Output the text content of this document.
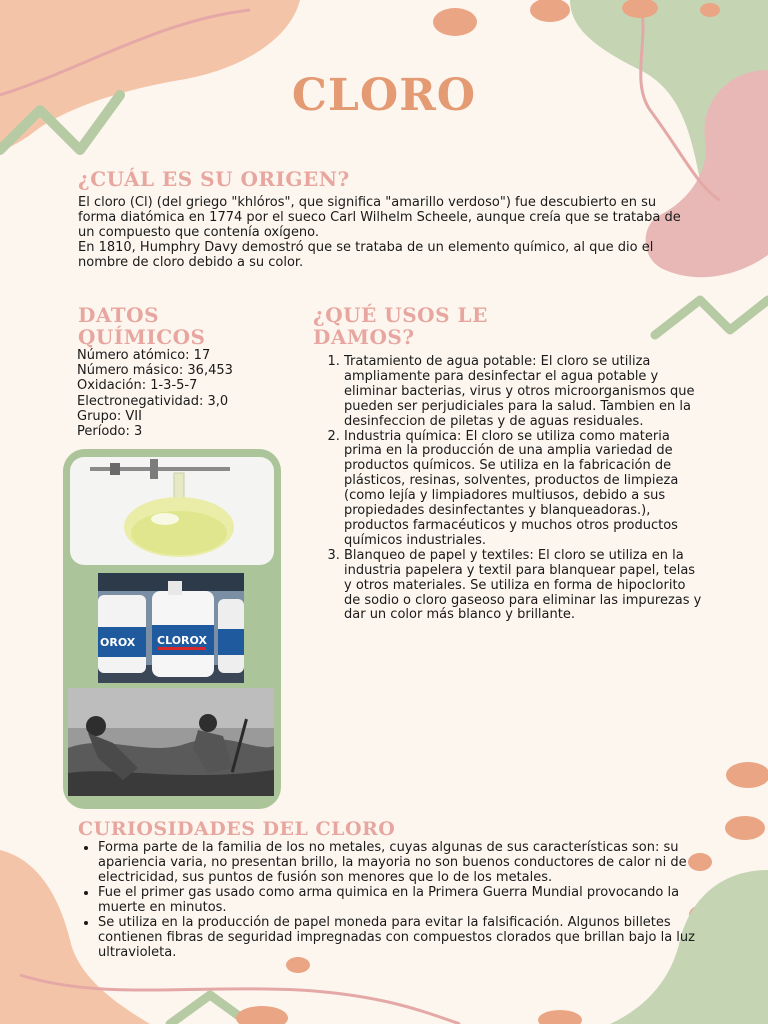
CLORO
¿CUÁL ES SU ORIGEN?

El cloro (Cl) (del griego "khlóros", que significa "amarillo verdoso") fue descubierto en su forma diatómica en 1774 por el sueco Carl Wilhelm Scheele, aunque creía que se trataba de un compuesto que contenía oxígeno.

En 1810, Humphry Davy demostró que se trataba de un elemento químico, al que dio el nombre de cloro debido a su color.

DATOS
QUÍMICOS
Número atómico: 17
Número másico: 36,453
Oxidación: 1-3-5-7
Electronegatividad: 3,0
Grupo: VII
Período: 3
¿QUÉ USOS LE
DAMOS?
1. Tratamiento de agua potable: El cloro se utiliza ampliamente para desinfectar el agua potable y eliminar bacterias, virus y otros microorganismos que pueden ser perjudiciales para la salud. Tambien en la desinfeccion de piletas y de aguas residuales.
2. Industria química: El cloro se utiliza como materia prima en la producción de una amplia variedad de productos químicos. Se utiliza en la fabricación de plásticos, resinas, solventes, productos de limpieza (como lejía y limpiadores multiusos, debido a sus propiedades desinfectantes y blanqueadoras.), productos farmacéuticos y muchos otros productos químicos industriales.
3. Blanqueo de papel y textiles: El cloro se utiliza en la industria papelera y textil para blanquear papel, telas y otros materiales. Se utiliza en forma de hipoclorito de sodio o cloro gaseoso para eliminar las impurezas y dar un color más blanco y brillante.
OROX CLOROX
CURIOSIDADES DEL CLORO
• Forma parte de la familia de los no metales, cuyas algunas de sus características son: su apariencia varia, no presentan brillo, la mayoria no son buenos conductores de calor ni de electricidad, sus puntos de fusión son menores que lo de los metales.
• Fue el primer gas usado como arma quimica en la Primera Guerra Mundial provocando la muerte en minutos.
• Se utiliza en la producción de papel moneda para evitar la falsificación. Algunos billetes contienen fibras de seguridad impregnadas con compuestos clorados que brillan bajo la luz ultravioleta.
